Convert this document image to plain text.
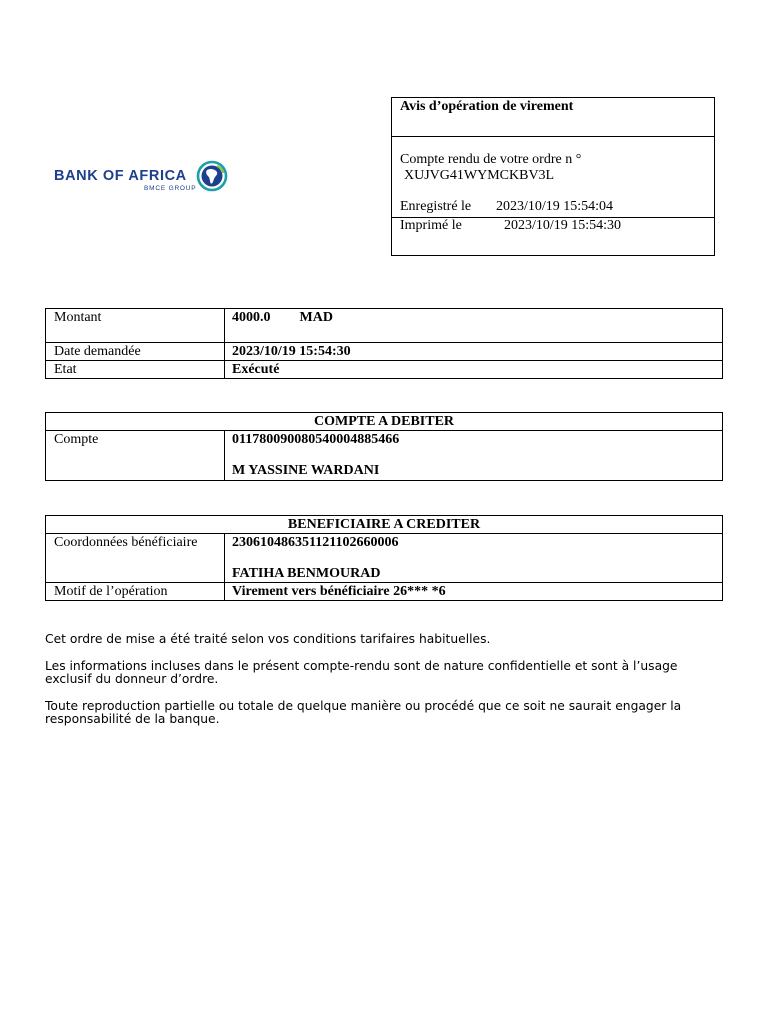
BANK OF AFRICA
BMCE GROUP
Avis d’opération de virement
Compte rendu de votre ordre n °
XUJVG41WYMCKBV3L
Enregistré le 2023/10/19 15:54:04
Imprimé le	2023/10/19 15:54:30
Montant	4000.0 MAD
Date demandée	2023/10/19 15:54:30
Etat	Exécuté
COMPTE A DEBITER
Compte	011780090080540004885466
M YASSINE WARDANI
BENEFICIAIRE A CREDITER	
Coordonnées bénéficiaire	230610486351121102660006
FATIHA BENMOURAD

Motif de l’opération	Virement vers bénéficiaire 26*** *6

Cet ordre de mise a été traité selon vos conditions tarifaires habituelles.

Les informations incluses dans le présent compte-rendu sont de nature confidentielle et sont à l’usage exclusif du donneur d’ordre.

Toute reproduction partielle ou totale de quelque manière ou procédé que ce soit ne saurait engager la responsabilité de la banque.
